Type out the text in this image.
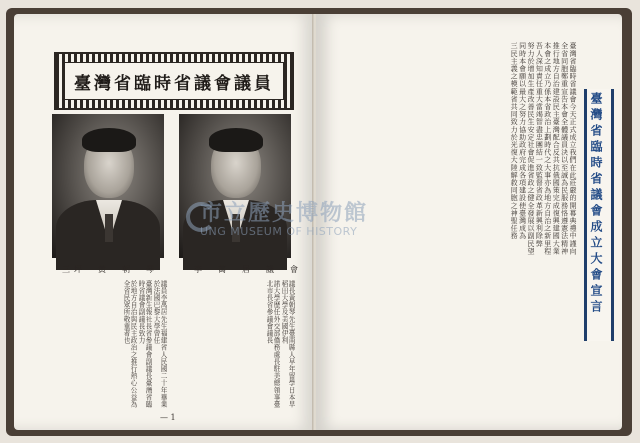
臺灣省臨時省議會議員
三坪　黃　朝　琴	李　萬　居　議　會
議員李萬居先生福建省人民國二十年畢業於法國巴黎大學曾任
臺灣新生報社長省參議會副議長臺灣省臨時省議會副議長致力
於地方自治與民主政治之推行熱心公益為全省民眾所敬重者也	議長黃朝琴先生臺南縣人早年留學日本早稻田大學及美國伊利
諾大學歷任外交部僑務處長駐美總領事臺北市長省參議會議長
— 1
臺灣省臨時省議會今天正式成立我們在此莊嚴的開幕典禮中謹向
全省同胞鄭重宣告本會全體議員決以至誠為民服務恪遵憲法精神
推行地方自治建設民主臺灣配合反共抗俄國策完成復興建國大業
本會之成立乃係本省政治上劃時代之大事亦為地方自治之新里程
吾人深知責任重大當竭智盡忠團結一致監督省政革新興利除弊
努力於增加生產改善民生安定社會促進省政之健全發展以副民望
同時本會願以最大之努力協助政府完成各項建設使臺灣成為
三民主義之模範省共同致力於光復大陸解救同胞之神聖任務	臺灣省臨時省議會成立大會宣言
市立歷史博物館
UNG MUSEUM OF HISTORY
